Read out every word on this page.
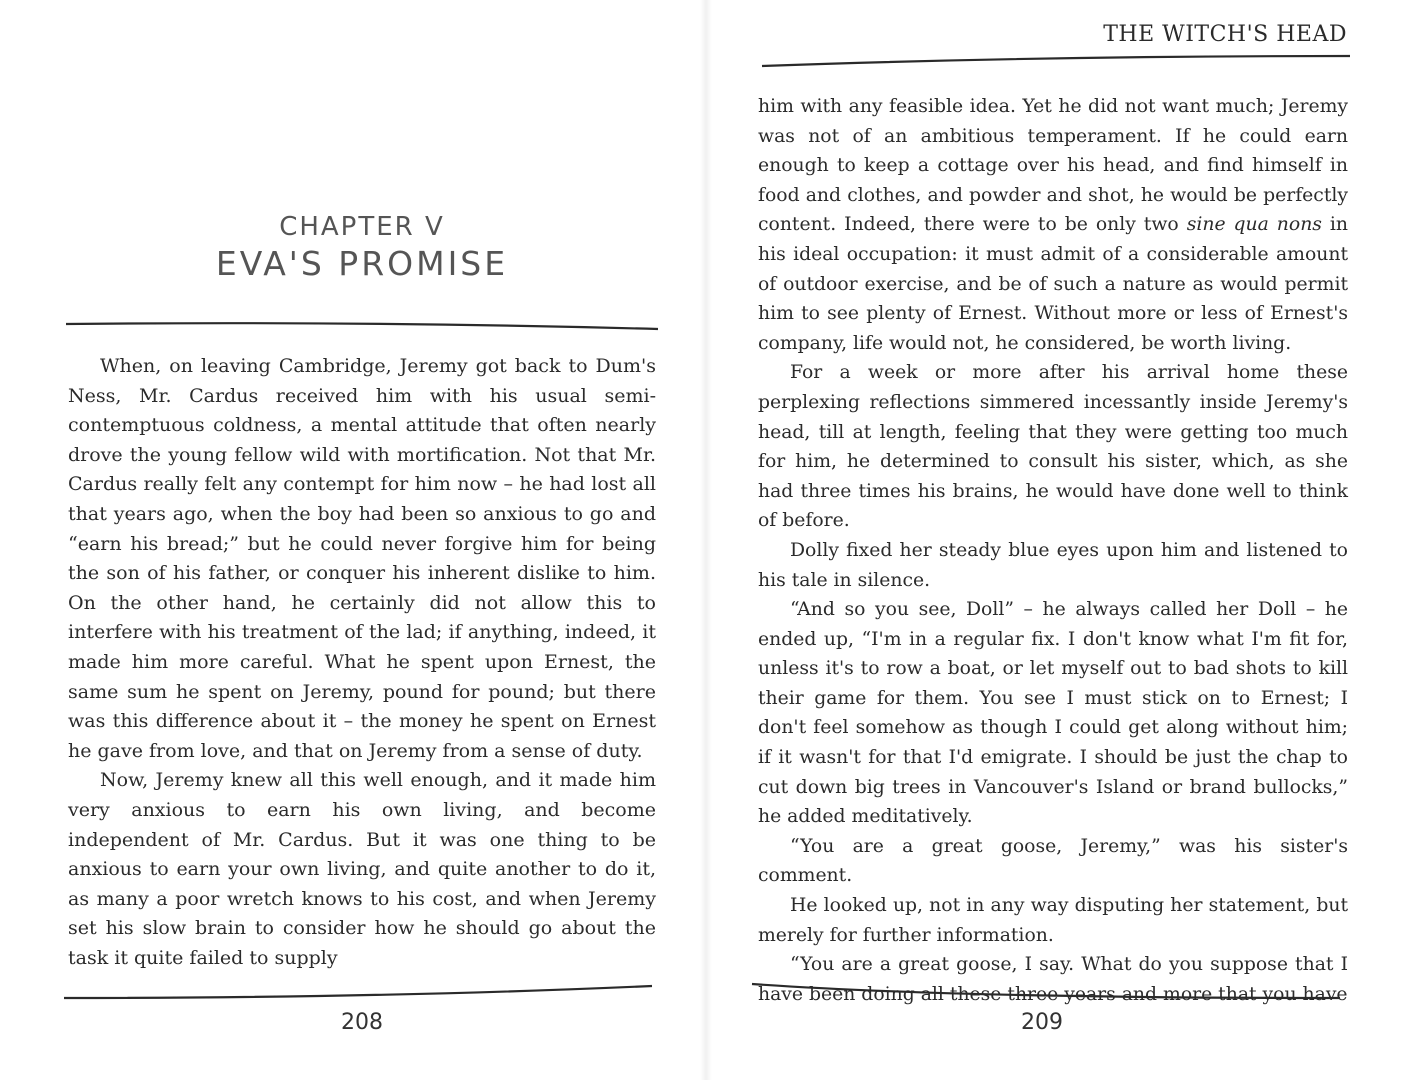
CHAPTER V
EVA'S PROMISE

When, on leaving Cambridge, Jeremy got back to Dum's Ness, Mr. Cardus received him with his usual semi-contemptuous coldness, a mental attitude that often nearly drove the young fellow wild with mortification. Not that Mr. Cardus really felt any contempt for him now – he had lost all that years ago, when the boy had been so anxious to go and “earn his bread;” but he could never forgive him for being the son of his father, or conquer his inherent dislike to him. On the other hand, he certainly did not allow this to interfere with his treatment of the lad; if anything, indeed, it made him more careful. What he spent upon Ernest, the same sum he spent on Jeremy, pound for pound; but there was this difference about it – the money he spent on Ernest he gave from love, and that on Jeremy from a sense of duty.

Now, Jeremy knew all this well enough, and it made him very anxious to earn his own living, and become independent of Mr. Cardus. But it was one thing to be anxious to earn your own living, and quite another to do it, as many a poor wretch knows to his cost, and when Jeremy set his slow brain to consider how he should go about the task it quite failed to supply

208
THE WITCH'S HEAD

him with any feasible idea. Yet he did not want much; Jeremy was not of an ambitious temperament. If he could earn enough to keep a cottage over his head, and find himself in food and clothes, and powder and shot, he would be perfectly content. Indeed, there were to be only two sine qua nons in his ideal occupation: it must admit of a considerable amount of outdoor exercise, and be of such a nature as would permit him to see plenty of Ernest. Without more or less of Ernest's company, life would not, he considered, be worth living.

For a week or more after his arrival home these perplexing reflections simmered incessantly inside Jeremy's head, till at length, feeling that they were getting too much for him, he determined to consult his sister, which, as she had three times his brains, he would have done well to think of before.

Dolly fixed her steady blue eyes upon him and listened to his tale in silence.

“And so you see, Doll” – he always called her Doll – he ended up, “I'm in a regular fix. I don't know what I'm fit for, unless it's to row a boat, or let myself out to bad shots to kill their game for them. You see I must stick on to Ernest; I don't feel somehow as though I could get along without him; if it wasn't for that I'd emigrate. I should be just the chap to cut down big trees in Vancouver's Island or brand bullocks,” he added meditatively.

“You are a great goose, Jeremy,” was his sister's comment.

He looked up, not in any way disputing her statement, but merely for further information.

“You are a great goose, I say. What do you suppose that I have been doing all these three years and more that you have

209
